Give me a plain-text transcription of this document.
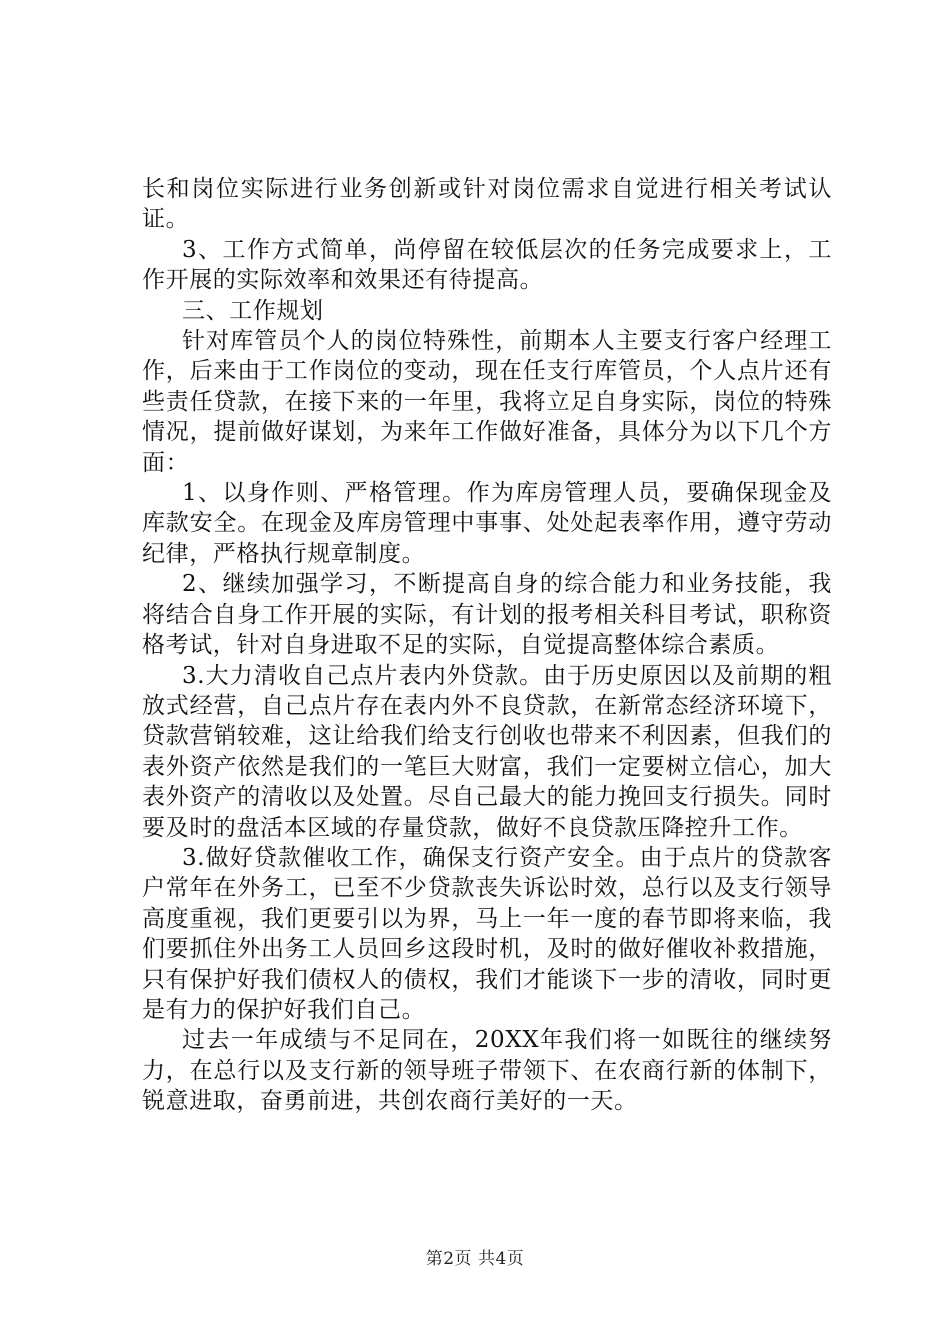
长和岗位实际进行业务创新或针对岗位需求自觉进行相关考试认证。

3、工作方式简单，尚停留在较低层次的任务完成要求上，工作开展的实际效率和效果还有待提高。

三、工作规划

针对库管员个人的岗位特殊性，前期本人主要支行客户经理工作，后来由于工作岗位的变动，现在任支行库管员，个人点片还有些责任贷款，在接下来的一年里，我将立足自身实际，岗位的特殊情况，提前做好谋划，为来年工作做好准备，具体分为以下几个方面：

1、以身作则、严格管理。作为库房管理人员，要确保现金及库款安全。在现金及库房管理中事事、处处起表率作用，遵守劳动纪律，严格执行规章制度。

2、继续加强学习，不断提高自身的综合能力和业务技能，我将结合自身工作开展的实际，有计划的报考相关科目考试，职称资格考试，针对自身进取不足的实际，自觉提高整体综合素质。

3.大力清收自己点片表内外贷款。由于历史原因以及前期的粗放式经营，自己点片存在表内外不良贷款，在新常态经济环境下，贷款营销较难，这让给我们给支行创收也带来不利因素，但我们的表外资产依然是我们的一笔巨大财富，我们一定要树立信心，加大表外资产的清收以及处置。尽自己最大的能力挽回支行损失。同时要及时的盘活本区域的存量贷款，做好不良贷款压降控升工作。

3.做好贷款催收工作，确保支行资产安全。由于点片的贷款客户常年在外务工，已至不少贷款丧失诉讼时效，总行以及支行领导高度重视，我们更要引以为界，马上一年一度的春节即将来临，我们要抓住外出务工人员回乡这段时机，及时的做好催收补救措施，只有保护好我们债权人的债权，我们才能谈下一步的清收，同时更是有力的保护好我们自己。

过去一年成绩与不足同在，20XX年我们将一如既往的继续努力，在总行以及支行新的领导班子带领下、在农商行新的体制下，锐意进取，奋勇前进，共创农商行美好的一天。

第2页 共4页
